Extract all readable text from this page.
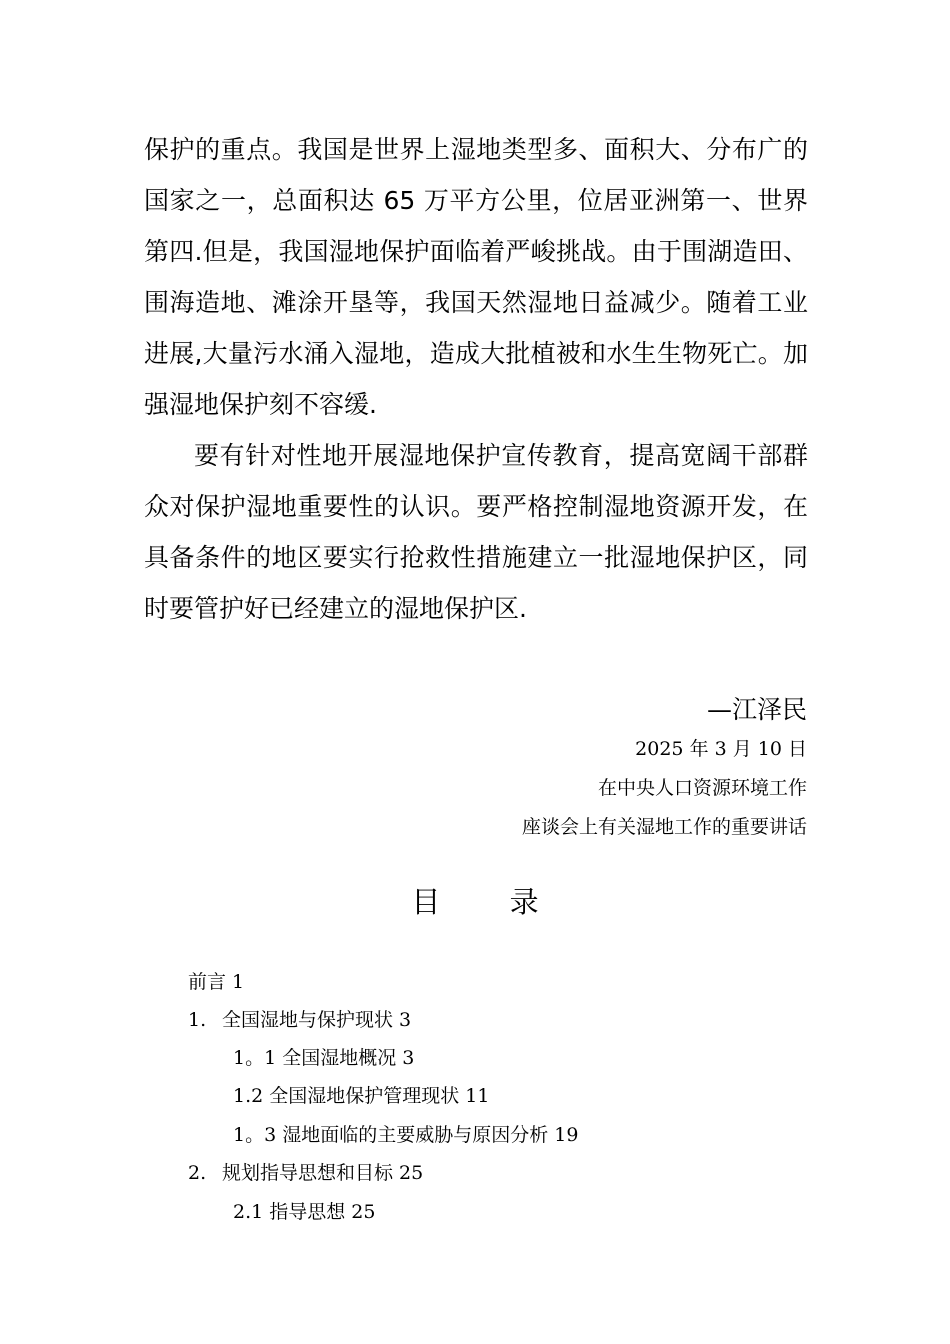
保护的重点。我国是世界上湿地类型多、面积大、分布广的国家之一，总面积达 65 万平方公里，位居亚洲第一、世界第四.但是，我国湿地保护面临着严峻挑战。由于围湖造田、围海造地、滩涂开垦等，我国天然湿地日益减少。随着工业进展,大量污水涌入湿地，造成大批植被和水生生物死亡。加强湿地保护刻不容缓.

要有针对性地开展湿地保护宣传教育，提高宽阔干部群众对保护湿地重要性的认识。要严格控制湿地资源开发，在具备条件的地区要实行抢救性措施建立一批湿地保护区，同时要管护好已经建立的湿地保护区.

—江泽民
2025 年 3 月 10 日
在中央人口资源环境工作
座谈会上有关湿地工作的重要讲话
目 录
前言 1
1. 全国湿地与保护现状 3
1。1 全国湿地概况 3
1.2 全国湿地保护管理现状 11
1。3 湿地面临的主要威胁与原因分析 19
2. 规划指导思想和目标 25
2.1 指导思想 25
